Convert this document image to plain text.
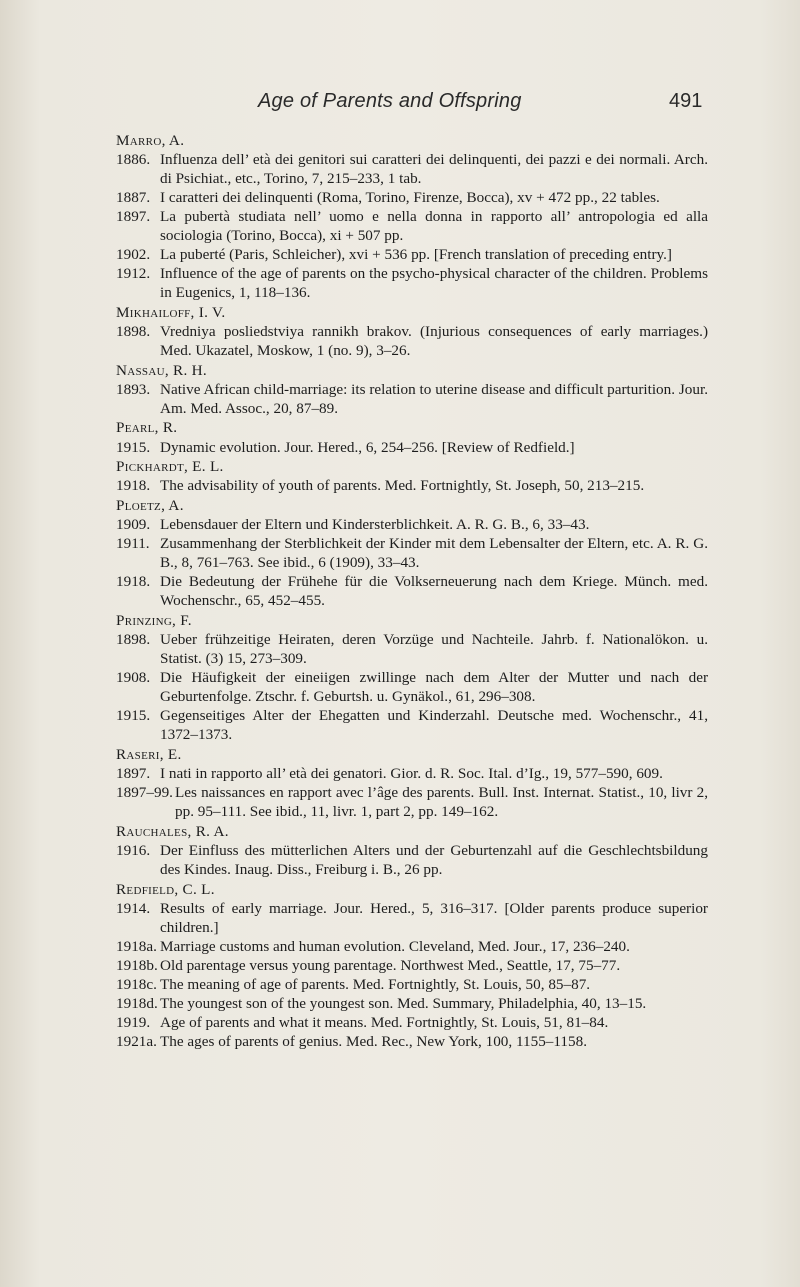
Age of Parents and Offspring	491
Marro, A.
1886. Influenza dell’ età dei genitori sui caratteri dei delinquenti, dei pazzi e dei normali. Arch. di Psichiat., etc., Torino, 7, 215–233, 1 tab.
1887. I caratteri dei delinquenti (Roma, Torino, Firenze, Bocca), xv + 472 pp., 22 tables.
1897. La pubertà studiata nell’ uomo e nella donna in rapporto all’ antropologia ed alla sociologia (Torino, Bocca), xi + 507 pp.
1902. La puberté (Paris, Schleicher), xvi + 536 pp. [French translation of preceding entry.]
1912. Influence of the age of parents on the psycho-physical character of the children. Problems in Eugenics, 1, 118–136.
Mikhailoff, I. V.
1898. Vredniya posliedstviya rannikh brakov. (Injurious consequences of early marriages.) Med. Ukazatel, Moskow, 1 (no. 9), 3–26.
Nassau, R. H.
1893. Native African child-marriage: its relation to uterine disease and difficult parturition. Jour. Am. Med. Assoc., 20, 87–89.
Pearl, R.
1915. Dynamic evolution. Jour. Hered., 6, 254–256. [Review of Redfield.]
Pickhardt, E. L.
1918. The advisability of youth of parents. Med. Fortnightly, St. Joseph, 50, 213–215.
Ploetz, A.
1909. Lebensdauer der Eltern und Kindersterblichkeit. A. R. G. B., 6, 33–43.
1911. Zusammenhang der Sterblichkeit der Kinder mit dem Lebensalter der Eltern, etc. A. R. G. B., 8, 761–763. See ibid., 6 (1909), 33–43.
1918. Die Bedeutung der Frühehe für die Volkserneuerung nach dem Kriege. Münch. med. Wochenschr., 65, 452–455.
Prinzing, F.
1898. Ueber frühzeitige Heiraten, deren Vorzüge und Nachteile. Jahrb. f. Nationalökon. u. Statist. (3) 15, 273–309.
1908. Die Häufigkeit der eineiigen zwillinge nach dem Alter der Mutter und nach der Geburtenfolge. Ztschr. f. Geburtsh. u. Gynäkol., 61, 296–308.
1915. Gegenseitiges Alter der Ehegatten und Kinderzahl. Deutsche med. Wochenschr., 41, 1372–1373.
Raseri, E.
1897. I nati in rapporto all’ età dei genatori. Gior. d. R. Soc. Ital. d’Ig., 19, 577–590, 609.
1897–99. Les naissances en rapport avec l’âge des parents. Bull. Inst. Internat. Statist., 10, livr 2, pp. 95–111. See ibid., 11, livr. 1, part 2, pp. 149–162.
Rauchales, R. A.
1916. Der Einfluss des mütterlichen Alters und der Geburtenzahl auf die Geschlechtsbildung des Kindes. Inaug. Diss., Freiburg i. B., 26 pp.
Redfield, C. L.
1914. Results of early marriage. Jour. Hered., 5, 316–317. [Older parents produce superior children.]
1918a. Marriage customs and human evolution. Cleveland, Med. Jour., 17, 236–240.
1918b. Old parentage versus young parentage. Northwest Med., Seattle, 17, 75–77.
1918c. The meaning of age of parents. Med. Fortnightly, St. Louis, 50, 85–87.
1918d. The youngest son of the youngest son. Med. Summary, Philadelphia, 40, 13–15.
1919. Age of parents and what it means. Med. Fortnightly, St. Louis, 51, 81–84.
1921a. The ages of parents of genius. Med. Rec., New York, 100, 1155–1158.
